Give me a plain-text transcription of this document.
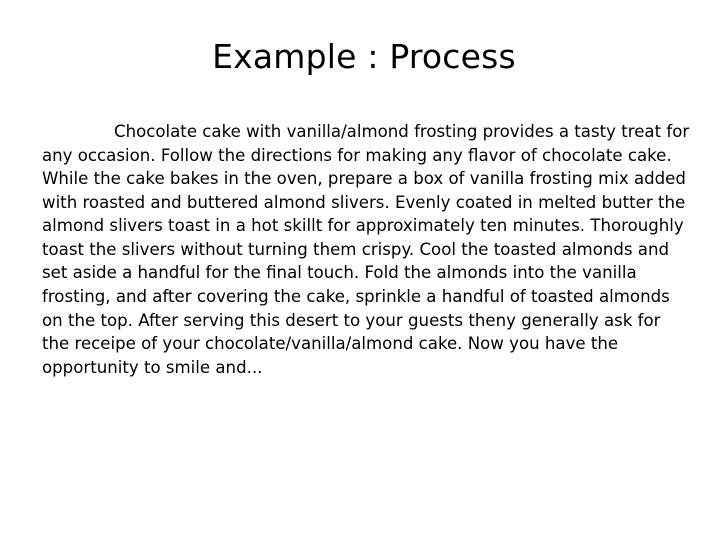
Example : Process

Chocolate cake with vanilla/almond frosting provides a tasty treat for any occasion. Follow the directions for making any flavor of chocolate cake. While the cake bakes in the oven, prepare a box of vanilla frosting mix added with roasted and buttered almond slivers. Evenly coated in melted butter the almond slivers toast in a hot skillt for approximately ten minutes. Thoroughly toast the slivers without turning them crispy. Cool the toasted almonds and set aside a handful for the final touch. Fold the almonds into the vanilla frosting, and after covering the cake, sprinkle a handful of toasted almonds on the top. After serving this desert to your guests theny generally ask for the receipe of your chocolate/vanilla/almond cake. Now you have the opportunity to smile and...
